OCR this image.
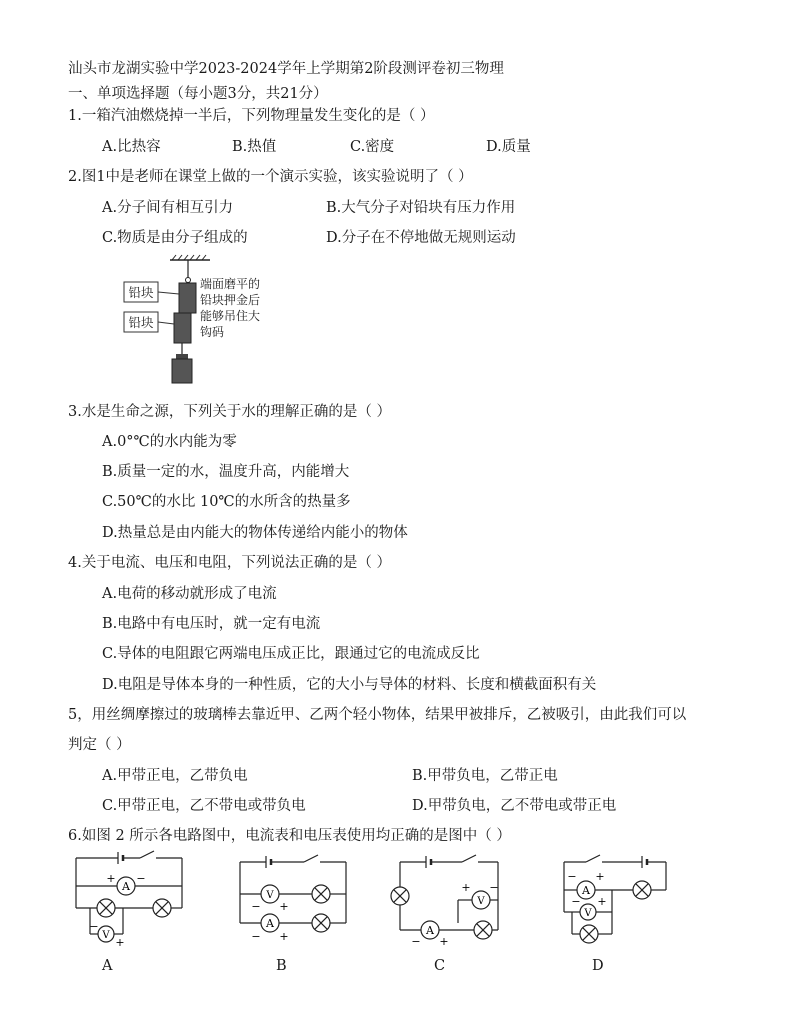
汕头市龙湖实验中学2023-2024学年上学期第2阶段测评卷初三物理
一、单项选择题（每小题3分，共21分）
1.一箱汽油燃烧掉一半后，下列物理量发生变化的是（ ）
A.比热容	B.热值	C.密度	D.质量
2.图1中是老师在课堂上做的一个演示实验，该实验说明了（ ）
A.分子间有相互引力	B.大气分子对铅块有压力作用
C.物质是由分子组成的	D.分子在不停地做无规则运动
铅块
铅块
端面磨平的
铅块押金后
能够吊住大
钩码
3.水是生命之源，下列关于水的理解正确的是（ ）
A.0°℃的水内能为零
B.质量一定的水，温度升高，内能增大
C.50℃的水比 10℃的水所含的热量多
D.热量总是由内能大的物体传递给内能小的物体
4.关于电流、电压和电阻，下列说法正确的是（ ）
A.电荷的移动就形成了电流
B.电路中有电压时，就一定有电流
C.导体的电阻跟它两端电压成正比，跟通过它的电流成反比
D.电阻是导体本身的一种性质，它的大小与导体的材料、长度和横截面积有关
5，用丝绸摩擦过的玻璃棒去靠近甲、乙两个轻小物体，结果甲被排斥，乙被吸引，由此我们可以
判定（ ）
A.甲带正电，乙带负电	B.甲带负电，乙带正电
C.甲带正电，乙不带电或带负电	D.甲带负电，乙不带电或带正电
6.如图 2 所示各电路图中，电流表和电压表使用均正确的是图中（ ）
A
+ −
V
−
+
A
V
− +
A
− +
B
A
− +
V
+ −
C
A
− +
V
− +
D
